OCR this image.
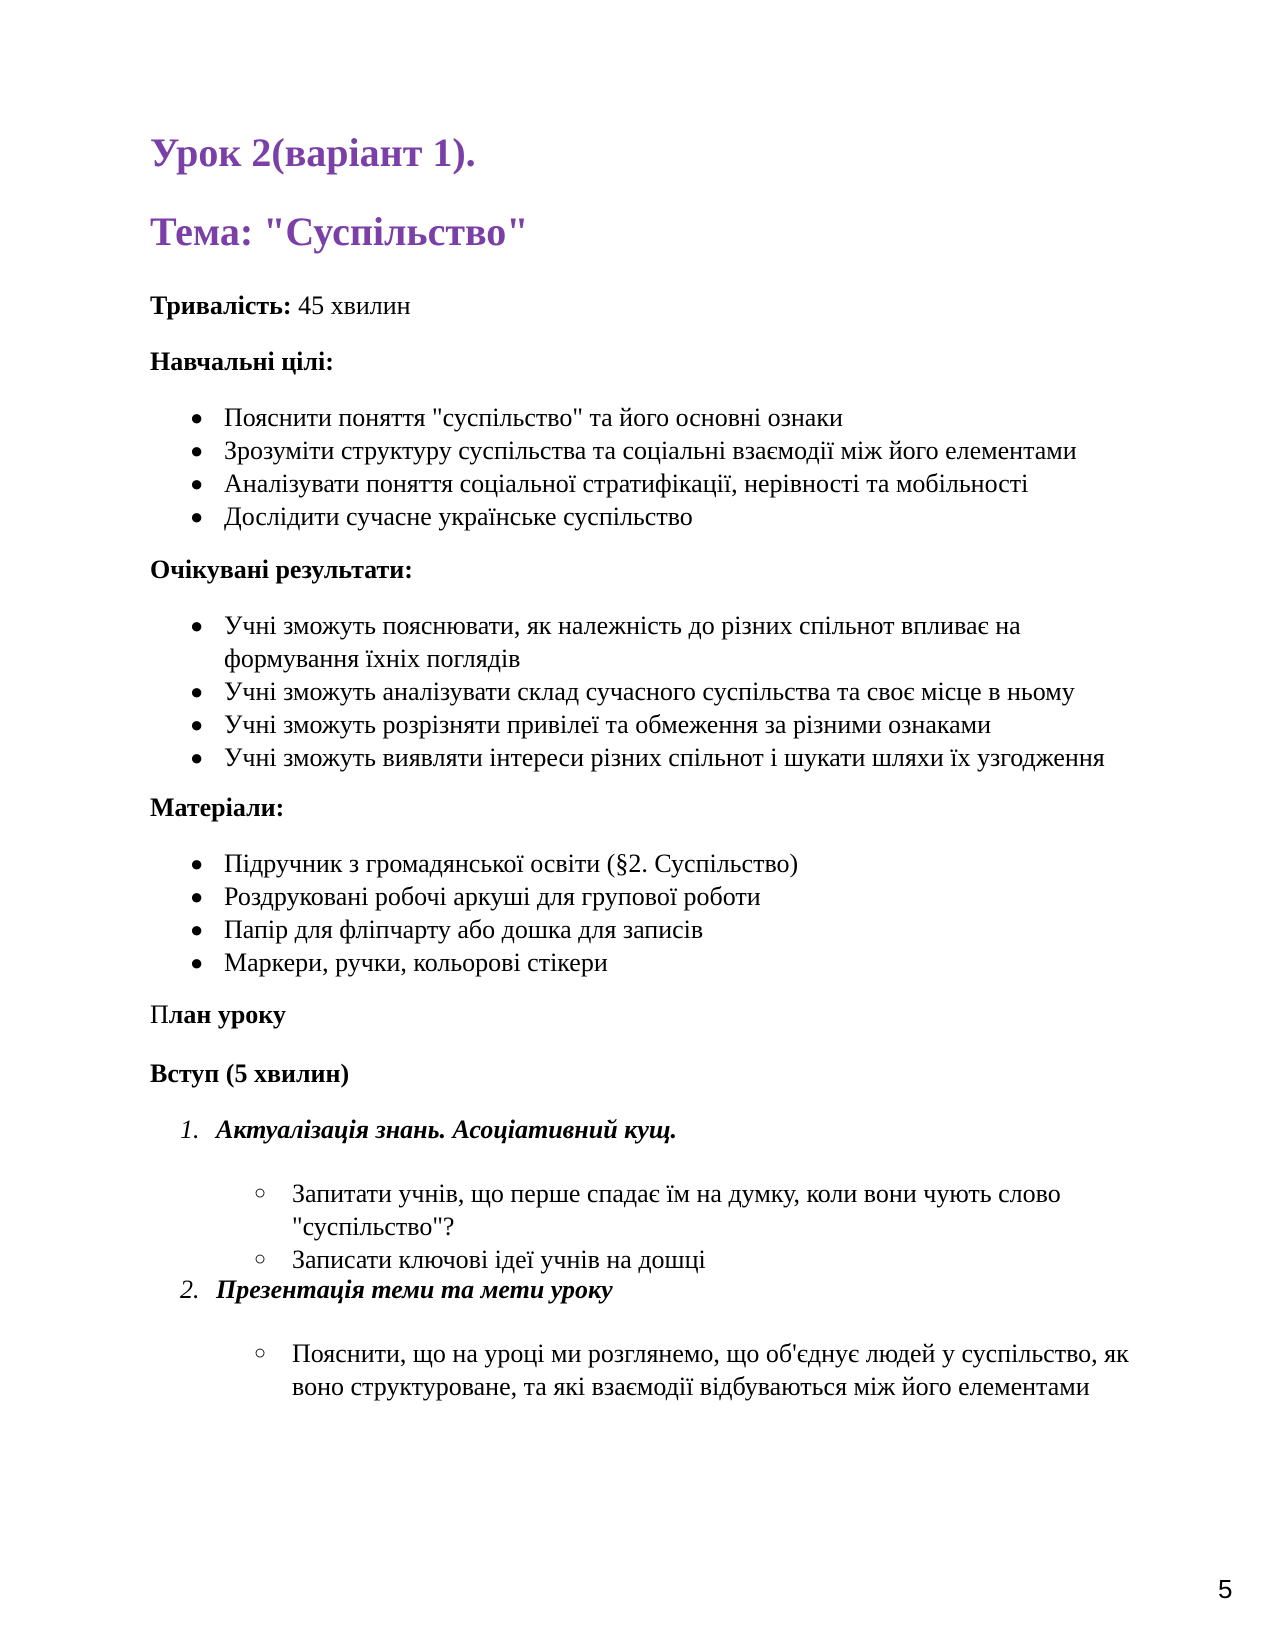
Урок 2(варіант 1).
Тема: "Суспільство"
Тривалість: 45 хвилин
Навчальні цілі:
● Пояснити поняття "суспільство" та його основні ознаки
● Зрозуміти структуру суспільства та соціальні взаємодії між його елементами
● Аналізувати поняття соціальної стратифікації, нерівності та мобільності
● Дослідити сучасне українське суспільство
Очікувані результати:
● Учні зможуть пояснювати, як належність до різних спільнот впливає на формування їхніх поглядів
● Учні зможуть аналізувати склад сучасного суспільства та своє місце в ньому
● Учні зможуть розрізняти привілеї та обмеження за різними ознаками
● Учні зможуть виявляти інтереси різних спільнот і шукати шляхи їх узгодження
Матеріали:
● Підручник з громадянської освіти (§2. Суспільство)
● Роздруковані робочі аркуші для групової роботи
● Папір для фліпчарту або дошка для записів
● Маркери, ручки, кольорові стікери
План уроку
Вступ (5 хвилин)
1. Актуалізація знань. Асоціативний кущ.
○ Запитати учнів, що перше спадає їм на думку, коли вони чують слово "суспільство"?
○ Записати ключові ідеї учнів на дошці
2. Презентація теми та мети уроку
○ Пояснити, що на уроці ми розглянемо, що об'єднує людей у суспільство, як воно структуроване, та які взаємодії відбуваються між його елементами
5
